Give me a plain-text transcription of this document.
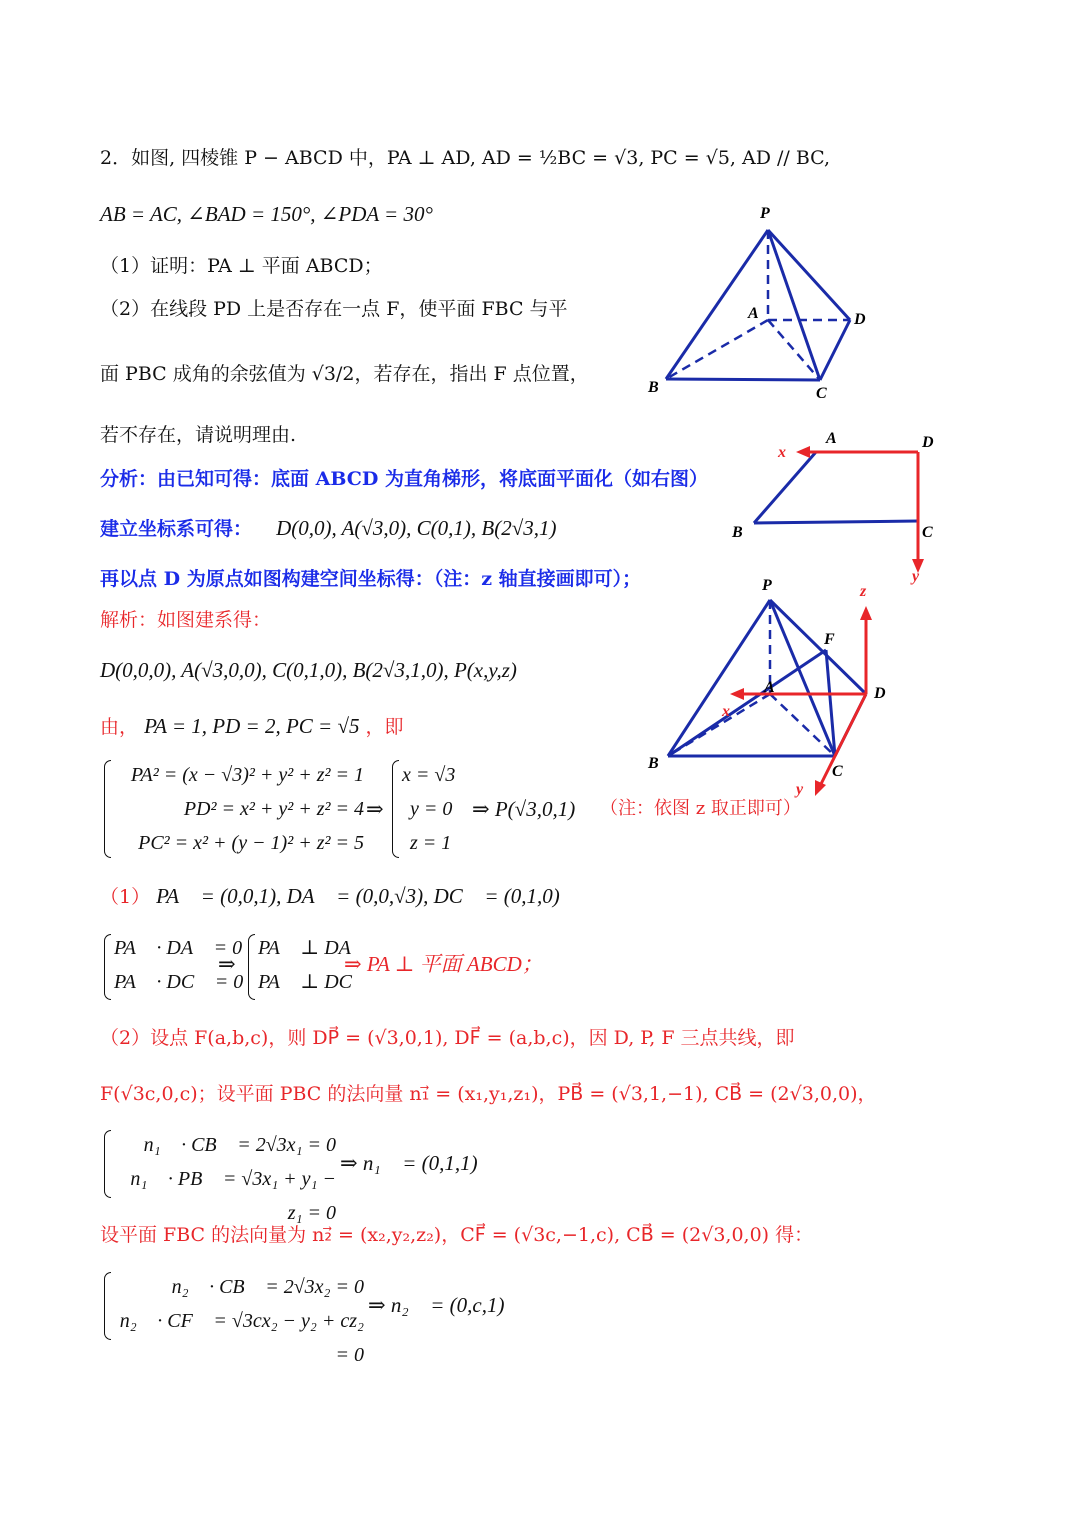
2．如图, 四棱锥 P − ABCD 中，PA ⊥ AD, AD = ½BC = √3, PC = √5, AD // BC,
AB = AC, ∠BAD = 150°, ∠PDA = 30°
（1）证明：PA ⊥ 平面 ABCD；
（2）在线段 PD 上是否存在一点 F，使平面 FBC 与平
面 PBC 成角的余弦值为 √3/2，若存在，指出 F 点位置，
若不存在，请说明理由.
分析：由已知可得：底面 ABCD 为直角梯形，将底面平面化（如右图）
建立坐标系可得： D(0,0), A(√3,0), C(0,1), B(2√3,1)
再以点 D 为原点如图构建空间坐标得：（注：z 轴直接画即可）；
解析：如图建系得：
D(0,0,0), A(√3,0,0), C(0,1,0), B(2√3,1,0), P(x,y,z)
由， PA = 1, PD = 2, PC = √5 ，即
PA² = (x − √3)² + y² + z² = 1
PD² = x² + y² + z² = 4
PC² = x² + (y − 1)² + z² = 5
⇒
x = √3
y = 0
z = 1
⇒ P(√3,0,1) （注：依图 z 取正即可）
（1） PA⃗ = (0,0,1), DA⃗ = (0,0,√3), DC⃗ = (0,1,0)，
PA⃗ · DA⃗ = 0
PA⃗ · DC⃗ = 0
⇒
PA⃗ ⊥ DA⃗
PA⃗ ⊥ DC⃗
⇒ PA ⊥ 平面 ABCD；
（2）设点 F(a,b,c)，则 DP⃗ = (√3,0,1), DF⃗ = (a,b,c)，因 D, P, F 三点共线，即
F(√3c,0,c)；设平面 PBC 的法向量 n₁⃗ = (x₁,y₁,z₁)，PB⃗ = (√3,1,−1), CB⃗ = (2√3,0,0)，
n₁⃗ · CB⃗ = 2√3x₁ = 0
n₁⃗ · PB⃗ = √3x₁ + y₁ − z₁ = 0
⇒ n₁⃗ = (0,1,1)；
设平面 FBC 的法向量为 n₂⃗ = (x₂,y₂,z₂)，CF⃗ = (√3c,−1,c), CB⃗ = (2√3,0,0) 得：
n₂⃗ · CB⃗ = 2√3x₂ = 0
n₂⃗ · CF⃗ = √3cx₂ − y₂ + cz₂ = 0
⇒ n₂⃗ = (0,c,1)；
P
A	D
B	C
A	D
B	C
x
y
P
F
A	D
B	C
x
z
y
